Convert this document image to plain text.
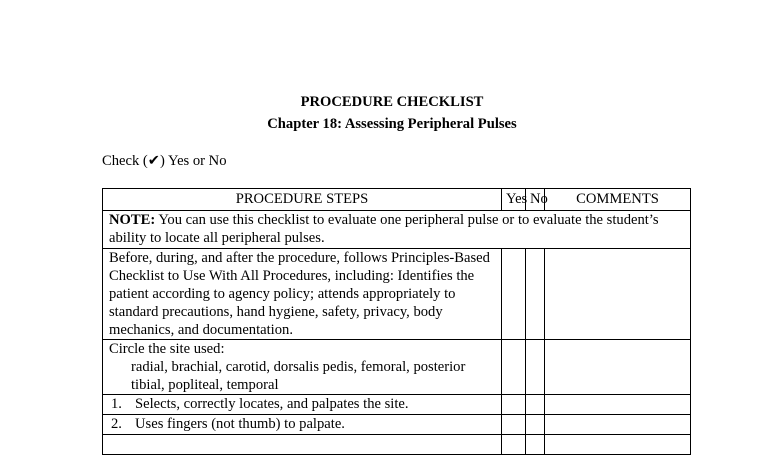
PROCEDURE CHECKLIST
Chapter 18: Assessing Peripheral Pulses
Check (✔) Yes or No
PROCEDURE STEPS	Yes	No	COMMENTS
NOTE: You can use this checklist to evaluate one peripheral pulse or to evaluate the student’s ability to locate all peripheral pulses.			
Before, during, and after the procedure, follows Principles-Based Checklist to Use With All Procedures, including: Identifies the patient according to agency policy; attends appropriately to standard precautions, hand hygiene, safety, privacy, body mechanics, and documentation.			
Circle the site used:
radial, brachial, carotid, dorsalis pedis, femoral, posterior tibial, popliteal, temporal			

1. Selects, correctly locates, and palpates the site.			
2. Uses fingers (not thumb) to palpate.			
